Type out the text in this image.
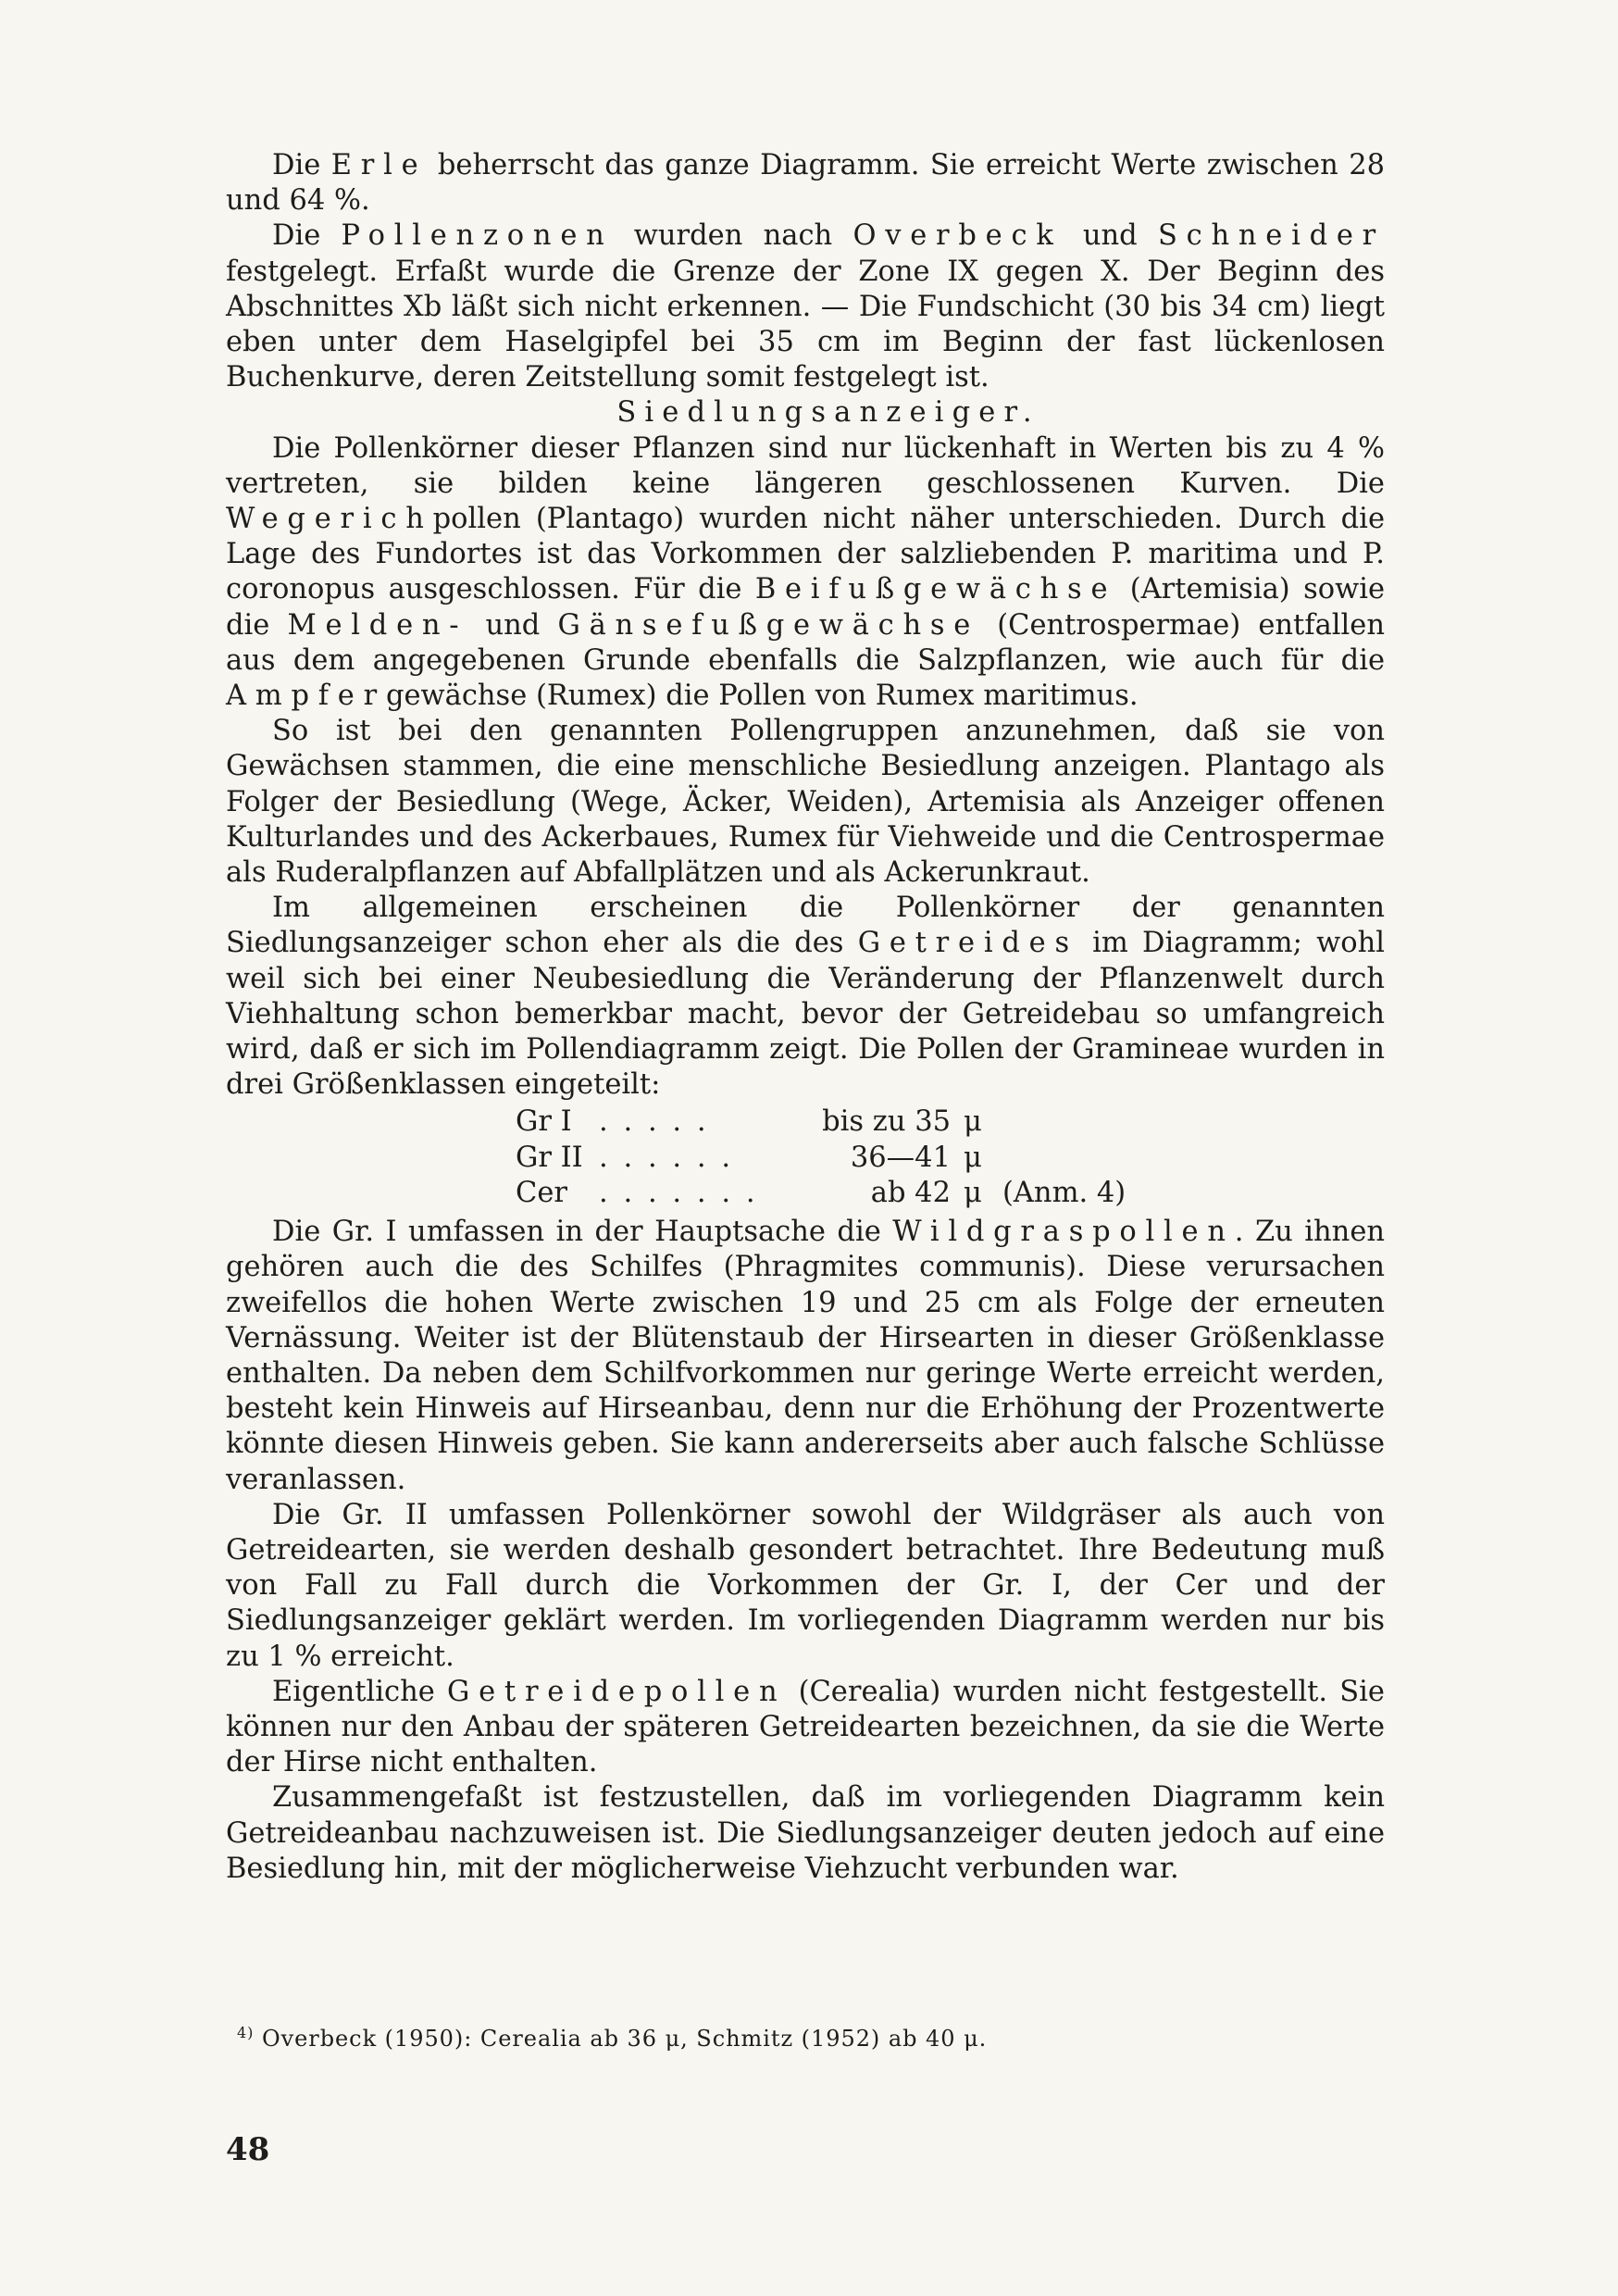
Die Erle beherrscht das ganze Diagramm. Sie erreicht Werte zwischen 28 und 64 %.

Die Pollenzonen wurden nach Overbeck und Schneider festgelegt. Erfaßt wurde die Grenze der Zone IX gegen X. Der Beginn des Abschnittes Xb läßt sich nicht erkennen. — Die Fundschicht (30 bis 34 cm) liegt eben unter dem Haselgipfel bei 35 cm im Beginn der fast lückenlosen Buchenkurve, deren Zeitstellung somit festgelegt ist.

Siedlungsanzeiger.

Die Pollenkörner dieser Pflanzen sind nur lückenhaft in Werten bis zu 4 % vertreten, sie bilden keine längeren geschlossenen Kurven. Die Wegerichpollen (Plantago) wurden nicht näher unterschieden. Durch die Lage des Fundortes ist das Vorkommen der salzliebenden P. maritima und P. coronopus ausgeschlossen. Für die Beifußgewächse (Artemisia) sowie die Melden- und Gänsefußgewächse (Centrospermae) entfallen aus dem angegebenen Grunde ebenfalls die Salzpflanzen, wie auch für die Ampfergewächse (Rumex) die Pollen von Rumex maritimus.

So ist bei den genannten Pollengruppen anzunehmen, daß sie von Gewächsen stammen, die eine menschliche Besiedlung anzeigen. Plantago als Folger der Besiedlung (Wege, Äcker, Weiden), Artemisia als Anzeiger offenen Kulturlandes und des Ackerbaues, Rumex für Viehweide und die Centrospermae als Ruderalpflanzen auf Abfallplätzen und als Ackerunkraut.

Im allgemeinen erscheinen die Pollenkörner der genannten Siedlungsanzeiger schon eher als die des Getreides im Diagramm; wohl weil sich bei einer Neubesiedlung die Veränderung der Pflanzenwelt durch Viehhaltung schon bemerkbar macht, bevor der Getreidebau so umfangreich wird, daß er sich im Pollendiagramm zeigt. Die Pollen der Gramineae wurden in drei Größenklassen eingeteilt:

Gr I	.....	bis zu 35	μ	
Gr II	......	36—41	μ	
Cer	.......	ab 42	μ	(Anm. 4)

Die Gr. I umfassen in der Hauptsache die Wildgraspollen. Zu ihnen gehören auch die des Schilfes (Phragmites communis). Diese verursachen zweifellos die hohen Werte zwischen 19 und 25 cm als Folge der erneuten Vernässung. Weiter ist der Blütenstaub der Hirsearten in dieser Größenklasse enthalten. Da neben dem Schilfvorkommen nur geringe Werte erreicht werden, besteht kein Hinweis auf Hirseanbau, denn nur die Erhöhung der Prozentwerte könnte diesen Hinweis geben. Sie kann andererseits aber auch falsche Schlüsse veranlassen.

Die Gr. II umfassen Pollenkörner sowohl der Wildgräser als auch von Getreidearten, sie werden deshalb gesondert betrachtet. Ihre Bedeutung muß von Fall zu Fall durch die Vorkommen der Gr. I, der Cer und der Siedlungsanzeiger geklärt werden. Im vorliegenden Diagramm werden nur bis zu 1 % erreicht.

Eigentliche Getreidepollen (Cerealia) wurden nicht festgestellt. Sie können nur den Anbau der späteren Getreidearten bezeichnen, da sie die Werte der Hirse nicht enthalten.

Zusammengefaßt ist festzustellen, daß im vorliegenden Diagramm kein Getreideanbau nachzuweisen ist. Die Siedlungsanzeiger deuten jedoch auf eine Besiedlung hin, mit der möglicherweise Viehzucht verbunden war.

$^{4)}$ Overbeck (1950): Cerealia ab 36 μ, Schmitz (1952) ab 40 μ.
48
